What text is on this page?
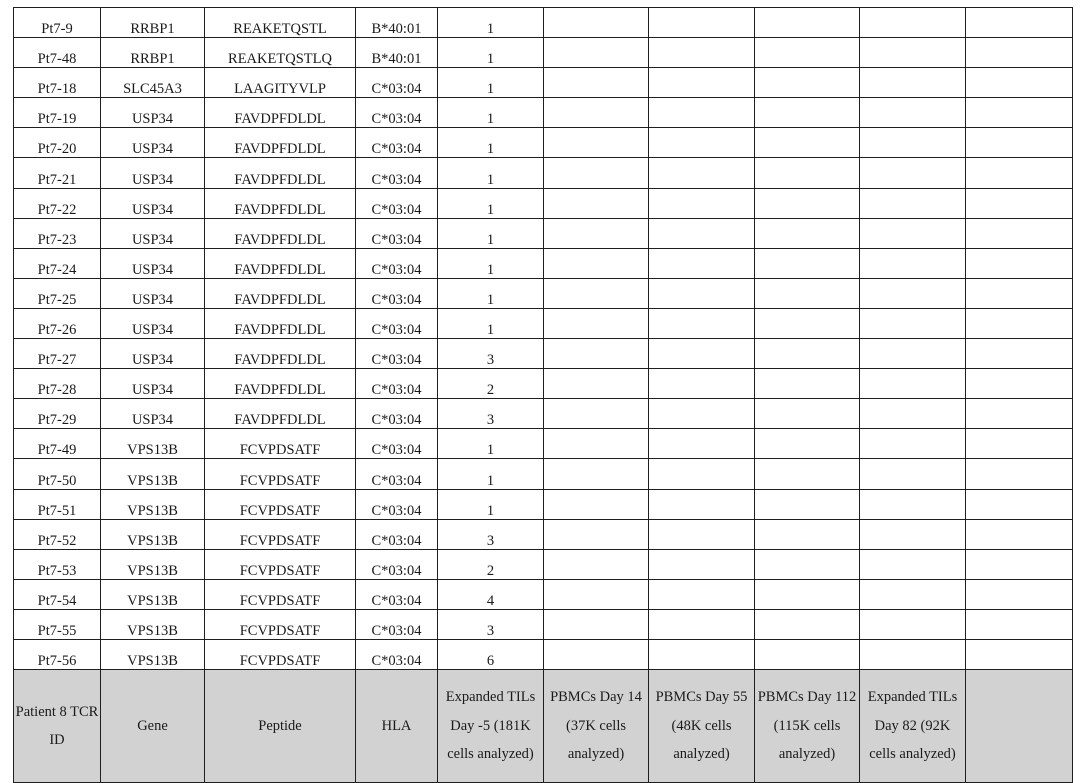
Pt7-9	RRBP1	REAKETQSTL	B*40:01	1					
Pt7-48	RRBP1	REAKETQSTLQ	B*40:01	1					
Pt7-18	SLC45A3	LAAGITYVLP	C*03:04	1					
Pt7-19	USP34	FAVDPFDLDL	C*03:04	1					
Pt7-20	USP34	FAVDPFDLDL	C*03:04	1					
Pt7-21	USP34	FAVDPFDLDL	C*03:04	1					
Pt7-22	USP34	FAVDPFDLDL	C*03:04	1					
Pt7-23	USP34	FAVDPFDLDL	C*03:04	1					
Pt7-24	USP34	FAVDPFDLDL	C*03:04	1					
Pt7-25	USP34	FAVDPFDLDL	C*03:04	1					
Pt7-26	USP34	FAVDPFDLDL	C*03:04	1					
Pt7-27	USP34	FAVDPFDLDL	C*03:04	3					
Pt7-28	USP34	FAVDPFDLDL	C*03:04	2					
Pt7-29	USP34	FAVDPFDLDL	C*03:04	3					
Pt7-49	VPS13B	FCVPDSATF	C*03:04	1					
Pt7-50	VPS13B	FCVPDSATF	C*03:04	1					
Pt7-51	VPS13B	FCVPDSATF	C*03:04	1					
Pt7-52	VPS13B	FCVPDSATF	C*03:04	3					
Pt7-53	VPS13B	FCVPDSATF	C*03:04	2					
Pt7-54	VPS13B	FCVPDSATF	C*03:04	4					
Pt7-55	VPS13B	FCVPDSATF	C*03:04	3					
Pt7-56	VPS13B	FCVPDSATF	C*03:04	6					
Patient 8 TCR ID	Gene	Peptide	HLA	Expanded TILs Day -5 (181K cells analyzed)	PBMCs Day 14 (37K cells analyzed)	PBMCs Day 55 (48K cells analyzed)	PBMCs Day 112 (115K cells analyzed)	Expanded TILs Day 82 (92K cells analyzed)	
